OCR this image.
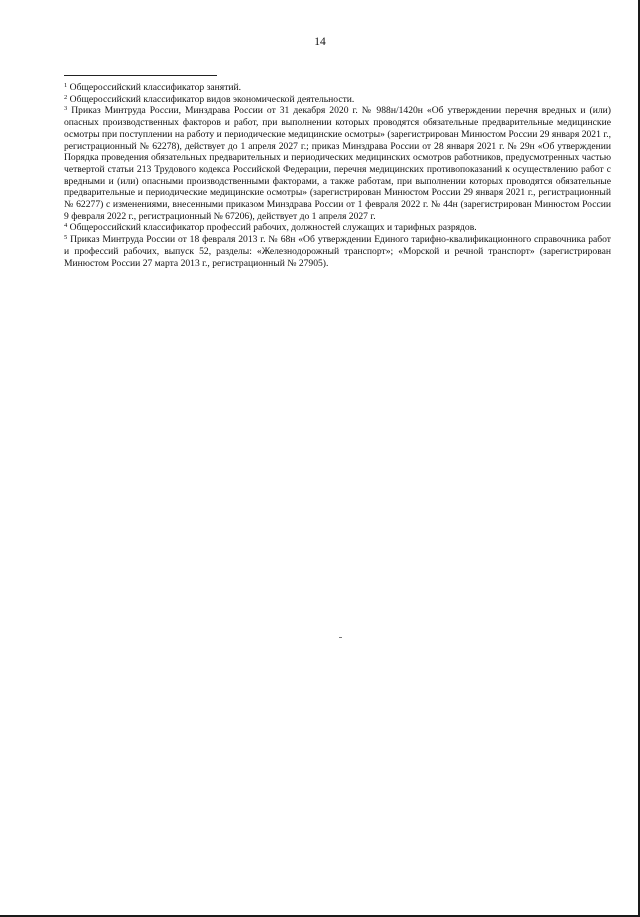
14

$^1$ Общероссийский классификатор занятий.

$^2$ Общероссийский классификатор видов экономической деятельности.

$^3$ Приказ Минтруда России, Минздрава России от 31 декабря 2020 г. № 988н/1420н «Об утверждении перечня вредных и (или) опасных производственных факторов и работ, при выполнении которых проводятся обязательные предварительные медицинские осмотры при поступлении на работу и периодические медицинские осмотры» (зарегистрирован Минюстом России 29 января 2021 г., регистрационный № 62278), действует до 1 апреля 2027 г.; приказ Минздрава России от 28 января 2021 г. № 29н «Об утверждении Порядка проведения обязательных предварительных и периодических медицинских осмотров работников, предусмотренных частью четвертой статьи 213 Трудового кодекса Российской Федерации, перечня медицинских противопоказаний к осуществлению работ с вредными и (или) опасными производственными факторами, а также работам, при выполнении которых проводятся обязательные предварительные и периодические медицинские осмотры» (зарегистрирован Минюстом России 29 января 2021 г., регистрационный № 62277) с изменениями, внесенными приказом Минздрава России от 1 февраля 2022 г. № 44н (зарегистрирован Минюстом России 9 февраля 2022 г., регистрационный № 67206), действует до 1 апреля 2027 г.

$^4$ Общероссийский классификатор профессий рабочих, должностей служащих и тарифных разрядов.

$^5$ Приказ Минтруда России от 18 февраля 2013 г. № 68н «Об утверждении Единого тарифно-квалификационного справочника работ и профессий рабочих, выпуск 52, разделы: «Железнодорожный транспорт»; «Морской и речной транспорт» (зарегистрирован Минюстом России 27 марта 2013 г., регистрационный № 27905).
